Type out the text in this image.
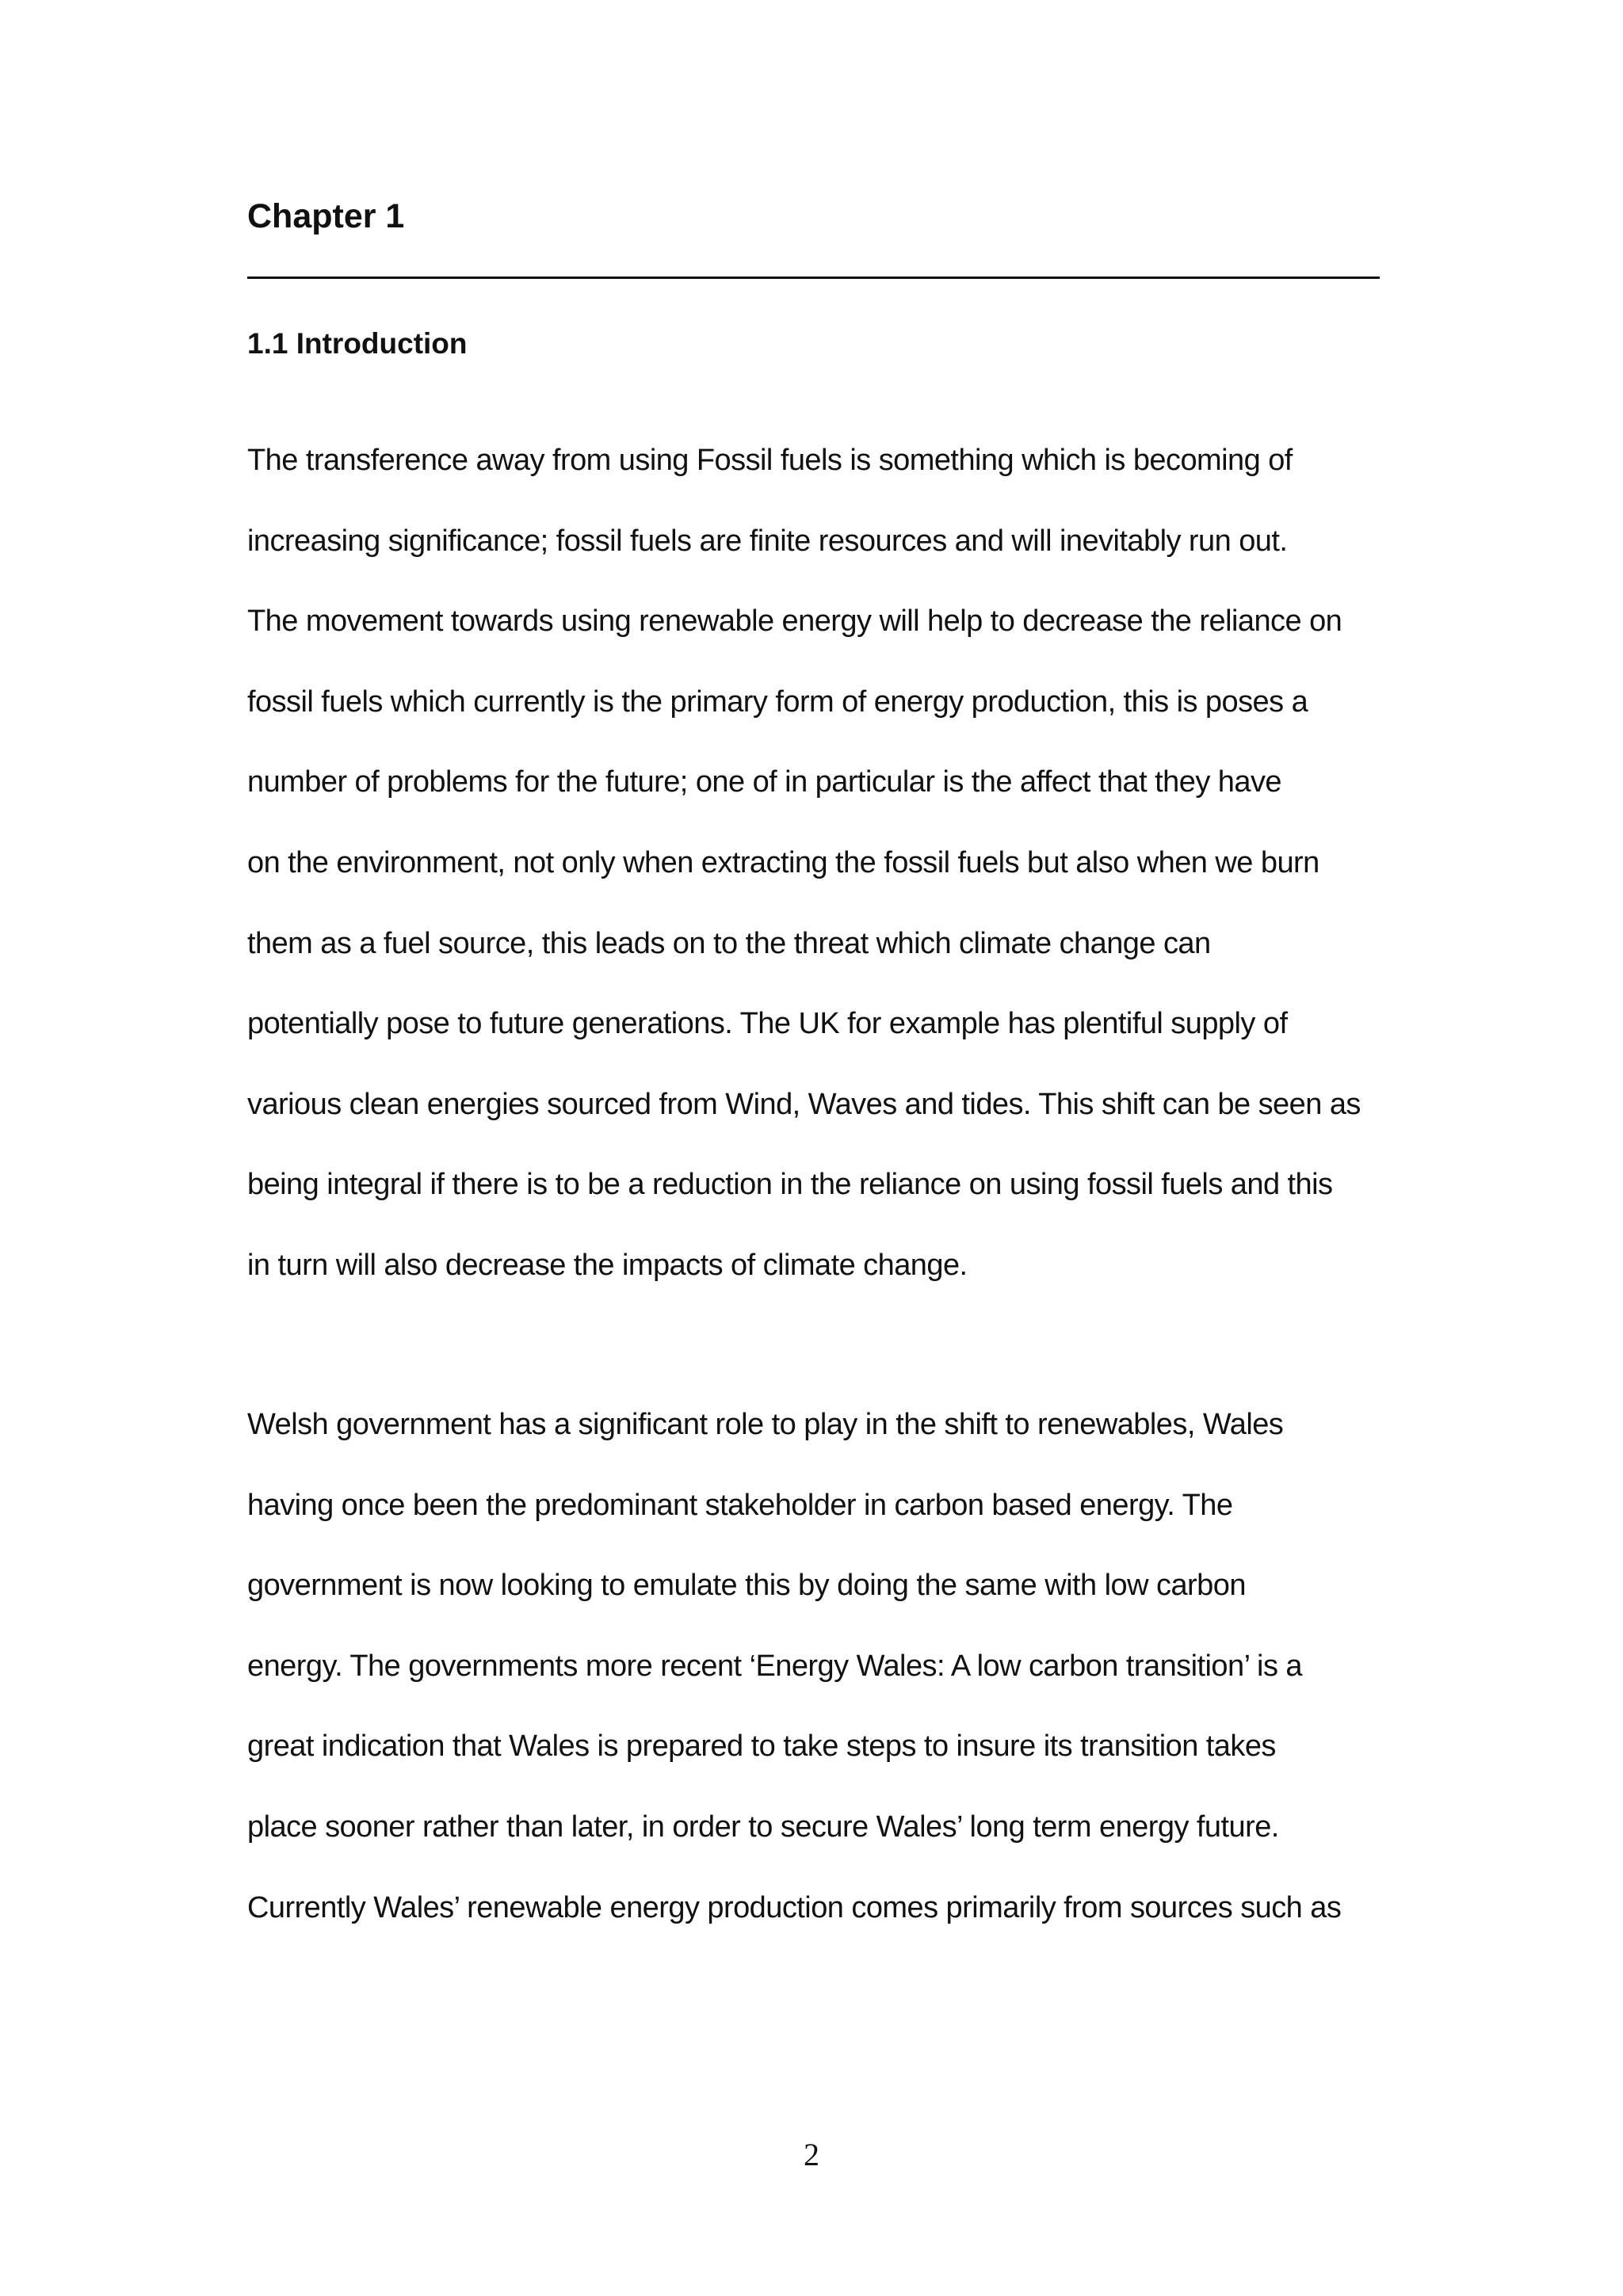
Chapter 1
1.1 Introduction
The transference away from using Fossil fuels is something which is becoming of
increasing significance; fossil fuels are finite resources and will inevitably run out.
The movement towards using renewable energy will help to decrease the reliance on
fossil fuels which currently is the primary form of energy production, this is poses a
number of problems for the future; one of in particular is the affect that they have
on the environment, not only when extracting the fossil fuels but also when we burn
them as a fuel source, this leads on to the threat which climate change can
potentially pose to future generations. The UK for example has plentiful supply of
various clean energies sourced from Wind, Waves and tides. This shift can be seen as
being integral if there is to be a reduction in the reliance on using fossil fuels and this
in turn will also decrease the impacts of climate change.
Welsh government has a significant role to play in the shift to renewables, Wales
having once been the predominant stakeholder in carbon based energy. The
government is now looking to emulate this by doing the same with low carbon
energy. The governments more recent ‘Energy Wales: A low carbon transition’ is a
great indication that Wales is prepared to take steps to insure its transition takes
place sooner rather than later, in order to secure Wales’ long term energy future.
Currently Wales’ renewable energy production comes primarily from sources such as
2
